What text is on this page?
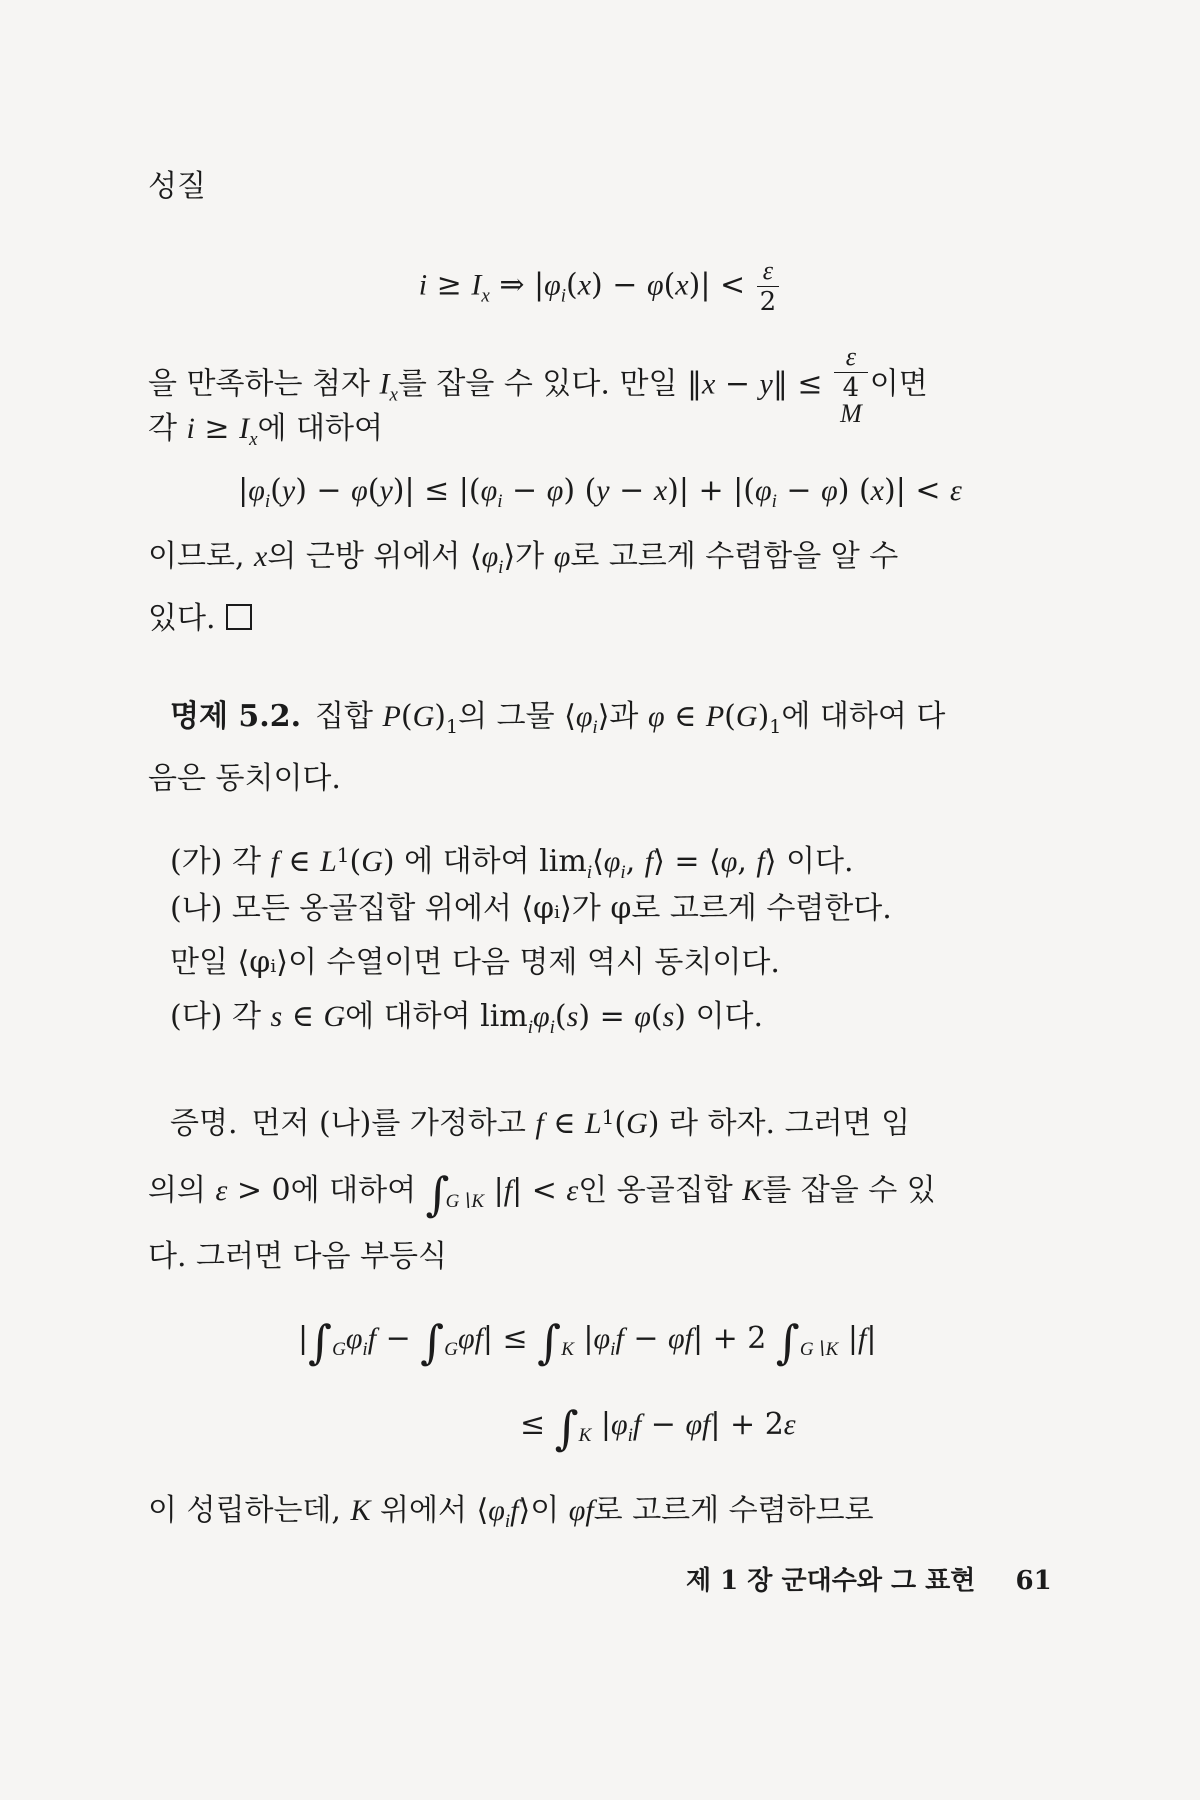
성질
$i \ge I_x$ ⇒ $|\varphi_i(x) - \varphi(x)| < \frac{\varepsilon}{2}$
을 만족하는 첨자 $I_x$를 잡을 수 있다. 만일 ‖x − y‖ ≤ ε
4
M 이면
각 $i \ge I_x$에 대하여
$|\varphi_i(y) - \varphi(y)| \le |(\varphi_i - \varphi) (y - x)| + |(\varphi_i - \varphi) (x)| < \varepsilon$
이므로, x의 근방 위에서 $⟨\varphi_i⟩$가 φ로 고르게 수렴함을 알 수
있다.
명제 5.2. 집합 $P(G)_1$의 그물 $⟨\varphi_i⟩$과 φ ∈ $P(G)_1$에 대하여 다
음은 동치이다.
(가) 각 f ∈ $L^1(G)$ 에 대하여 $\lim_i⟨\varphi_i$, f⟩ = ⟨φ, f⟩ 이다.
(나) 모든 옹골집합 위에서 ⟨φᵢ⟩가 φ로 고르게 수렴한다.
만일 ⟨φᵢ⟩이 수열이면 다음 명제 역시 동치이다.
(다) 각 s ∈ G에 대하여 $\lim_i\varphi_i(s) = \varphi(s)$ 이다.
증명. 먼저 (나)를 가정하고 f ∈ $L^1(G)$ 라 하자. 그러면 임
의의 ε > 0에 대하여 $\int_{G∖K}$ |f| < ε인 옹골집합 K를 잡을 수 있
다. 그러면 다음 부등식
$|\int_G\varphi_if - \int_G\varphi f| \le \int_K$ $|\varphi_if - \varphi f| + 2$ $\int_{G∖K}$ |f|
≤ $\int_K$ $|\varphi_if - \varphi f| + 2\varepsilon$
이 성립하는데, K 위에서 $⟨\varphi_if⟩$이 φf로 고르게 수렴하므로
제 1 장 군대수와 그 표현 61
